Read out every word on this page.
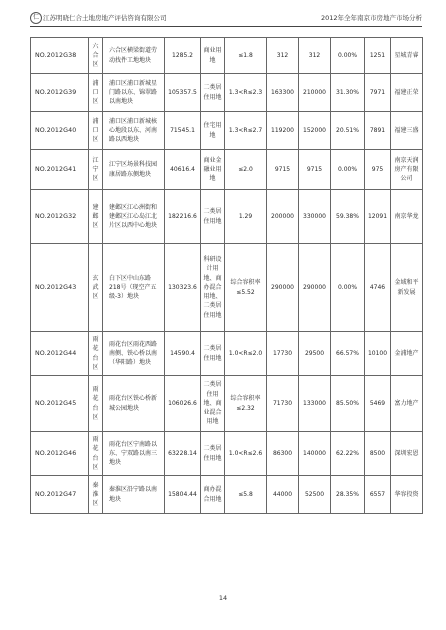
仁 江苏明晓仁合土地房地产评估咨询有限公司	2012年全年南京市房地产市场分析
NO.2012G38	六合区	六合区横梁街道劳动找件工地地块	1285.2	商业用地	≤1.8	312	312	0.00%	1251	星城青睿
NO.2012G39	浦口区	浦口区浦口新城星门路以东、锦翠路以南地块	105357.5	二类居住用地	1.3<R≤2.3	163300	210000	31.30%	7971	福建正荣
NO.2012G40	浦口区	浦口区浦口新城核心地段以东、河南路以西地块	71545.1	住宅用地	1.3<R≤2.7	119200	152000	20.51%	7891	福建三盛
NO.2012G41	江宁区	江宁区场景科技园康居路东侧地块	40616.4	商业金融业用地	≤2.0	9715	9715	0.00%	975	南京天润房产有限公司
NO.2012G32	建邺区	建邺区江心洲街和建邺区江心岛江北片区以西中心地块	182216.6	二类居住用地	1.29	200000	330000	59.38%	12091	南京华龙
NO.2012G43	玄武区	白下区中山东路218号（现空产五级-3）地块	130323.6	科研设计用地、商办混合用地、二类居住用地	综合容积率≤5.52	290000	290000	0.00%	4746	金域和平新发展
NO.2012G44	雨花台区	雨花台区雨花西路南侧、铁心桥以南（华阳路）地块	14590.4	二类居住用地	1.0<R≤2.0	17730	29500	66.57%	10100	金浦地产
NO.2012G45	雨花台区	雨花台区铁心桥新城公园地块	106026.6	二类居住用地、商业混合用地	综合容积率≤2.32	71730	133000	85.50%	5469	富力地产
NO.2012G46	雨花台区	雨花台区宁南路以东、宁双路以南三地块	63228.14	二类居住用地	1.0<R≤2.6	86300	140000	62.22%	8500	深圳宏恩
NO.2012G47	秦淮区	秦淮区沿宁路以南地块	15804.44	商办混合用地	≤5.8	44000	52500	28.35%	6557	华容投资
14
